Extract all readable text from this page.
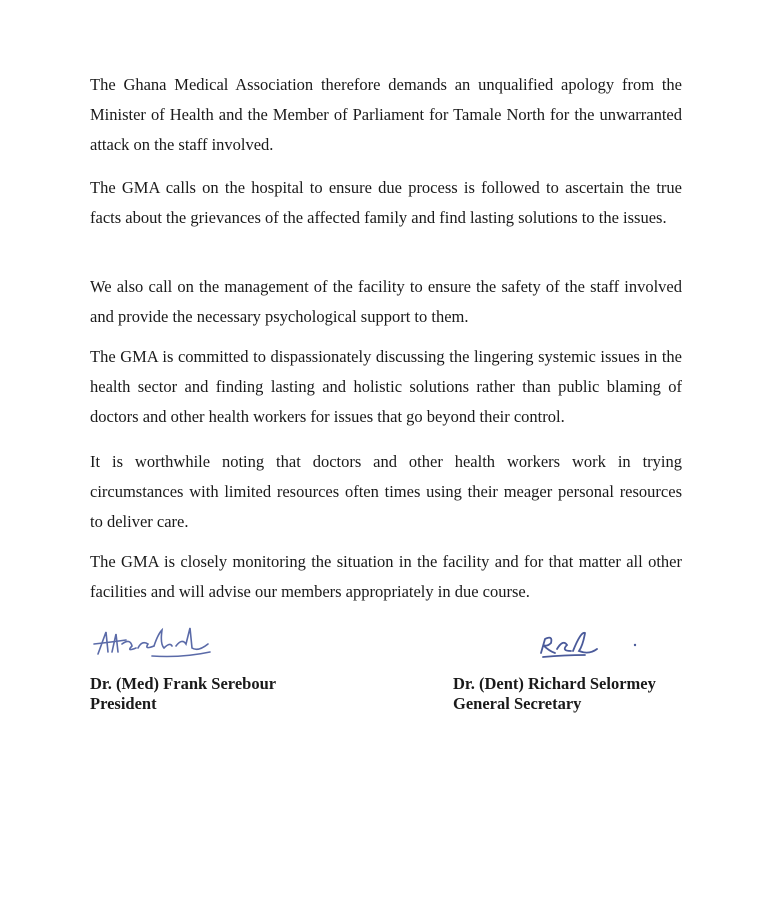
The Ghana Medical Association therefore demands an unqualified apology from the Minister of Health and the Member of Parliament for Tamale North for the unwarranted attack on the staff involved.

The GMA calls on the hospital to ensure due process is followed to ascertain the true facts about the grievances of the affected family and find lasting solutions to the issues.

We also call on the management of the facility to ensure the safety of the staff involved and provide the necessary psychological support to them.

The GMA is committed to dispassionately discussing the lingering systemic issues in the health sector and finding lasting and holistic solutions rather than public blaming of doctors and other health workers for issues that go beyond their control.

It is worthwhile noting that doctors and other health workers work in trying circumstances with limited resources often times using their meager personal resources to deliver care.

The GMA is closely monitoring the situation in the facility and for that matter all other facilities and will advise our members appropriately in due course.

Dr. (Med) Frank Serebour
President
Dr. (Dent) Richard Selormey
General Secretary
